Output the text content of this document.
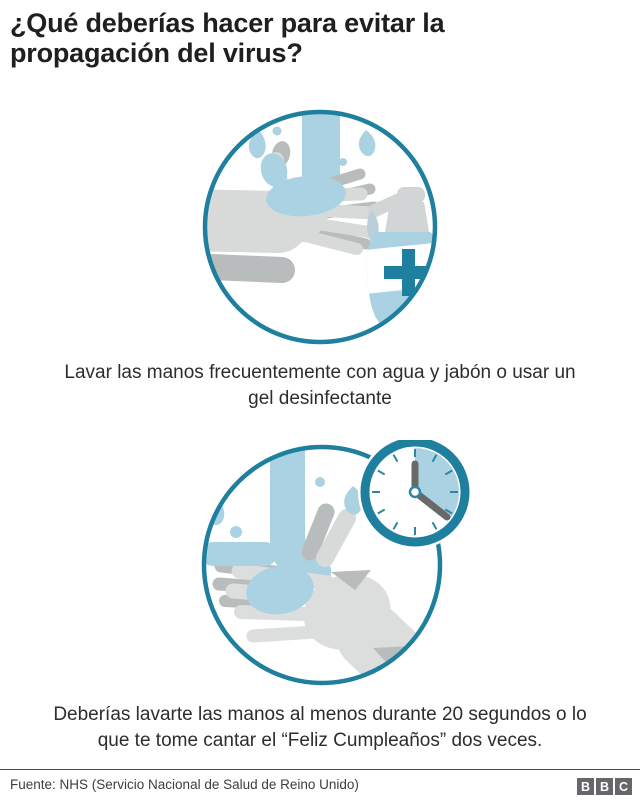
¿Qué deberías hacer para evitar la
propagación del virus?
Lavar las manos frecuentemente con agua y jabón o usar un
gel desinfectante
Deberías lavarte las manos al menos durante 20 segundos o lo
que te tome cantar el “Feliz Cumpleaños” dos veces.
Fuente: NHS (Servicio Nacional de Salud de Reino Unido)	B B C
